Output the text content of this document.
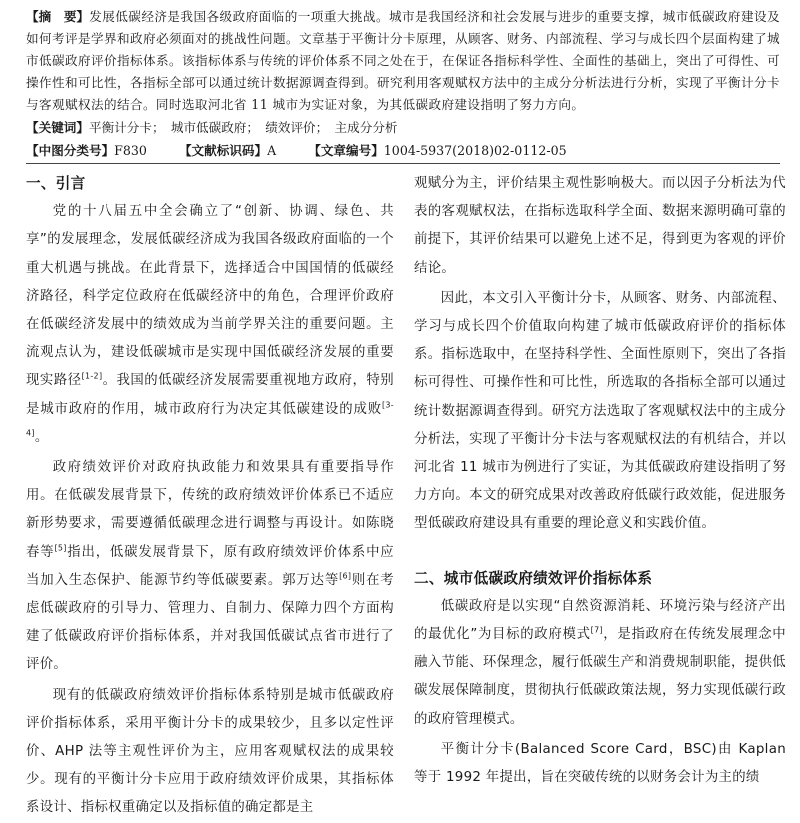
【摘　要】发展低碳经济是我国各级政府面临的一项重大挑战。城市是我国经济和社会发展与进步的重要支撑，城市低碳政府建设及如何考评是学界和政府必须面对的挑战性问题。文章基于平衡计分卡原理，从顾客、财务、内部流程、学习与成长四个层面构建了城市低碳政府评价指标体系。该指标体系与传统的评价体系不同之处在于，在保证各指标科学性、全面性的基础上，突出了可得性、可操作性和可比性，各指标全部可以通过统计数据源调查得到。研究利用客观赋权方法中的主成分分析法进行分析，实现了平衡计分卡与客观赋权法的结合。同时选取河北省 11 城市为实证对象，为其低碳政府建设指明了努力方向。
【关键词】平衡计分卡；　城市低碳政府；　绩效评价；　主成分分析
【中图分类号】F830	【文献标识码】A	【文章编号】1004-5937(2018)02-0112-05
一、引言

党的十八届五中全会确立了“创新、协调、绿色、共享”的发展理念，发展低碳经济成为我国各级政府面临的一个重大机遇与挑战。在此背景下，选择适合中国国情的低碳经济路径，科学定位政府在低碳经济中的角色，合理评价政府在低碳经济发展中的绩效成为当前学界关注的重要问题。主流观点认为，建设低碳城市是实现中国低碳经济发展的重要现实路径[1-2]。我国的低碳经济发展需要重视地方政府，特别是城市政府的作用，城市政府行为决定其低碳建设的成败[3-4]。

政府绩效评价对政府执政能力和效果具有重要指导作用。在低碳发展背景下，传统的政府绩效评价体系已不适应新形势要求，需要遵循低碳理念进行调整与再设计。如陈晓春等[5]指出，低碳发展背景下，原有政府绩效评价体系中应当加入生态保护、能源节约等低碳要素。郭万达等[6]则在考虑低碳政府的引导力、管理力、自制力、保障力四个方面构建了低碳政府评价指标体系，并对我国低碳试点省市进行了评价。

现有的低碳政府绩效评价指标体系特别是城市低碳政府评价指标体系，采用平衡计分卡的成果较少，且多以定性评价、AHP 法等主观性评价为主，应用客观赋权法的成果较少。现有的平衡计分卡应用于政府绩效评价成果，其指标体系设计、指标权重确定以及指标值的确定都是主

观赋分为主，评价结果主观性影响极大。而以因子分析法为代表的客观赋权法，在指标选取科学全面、数据来源明确可靠的前提下，其评价结果可以避免上述不足，得到更为客观的评价结论。

因此，本文引入平衡计分卡，从顾客、财务、内部流程、学习与成长四个价值取向构建了城市低碳政府评价的指标体系。指标选取中，在坚持科学性、全面性原则下，突出了各指标可得性、可操作性和可比性，所选取的各指标全部可以通过统计数据源调查得到。研究方法选取了客观赋权法中的主成分分析法，实现了平衡计分卡法与客观赋权法的有机结合，并以河北省 11 城市为例进行了实证，为其低碳政府建设指明了努力方向。本文的研究成果对改善政府低碳行政效能，促进服务型低碳政府建设具有重要的理论意义和实践价值。

二、城市低碳政府绩效评价指标体系

低碳政府是以实现“自然资源消耗、环境污染与经济产出的最优化”为目标的政府模式[7]，是指政府在传统发展理念中融入节能、环保理念，履行低碳生产和消费规制职能，提供低碳发展保障制度，贯彻执行低碳政策法规，努力实现低碳行政的政府管理模式。

平衡计分卡(Balanced Score Card，BSC)由 Kaplan 等于 1992 年提出，旨在突破传统的以财务会计为主的绩
